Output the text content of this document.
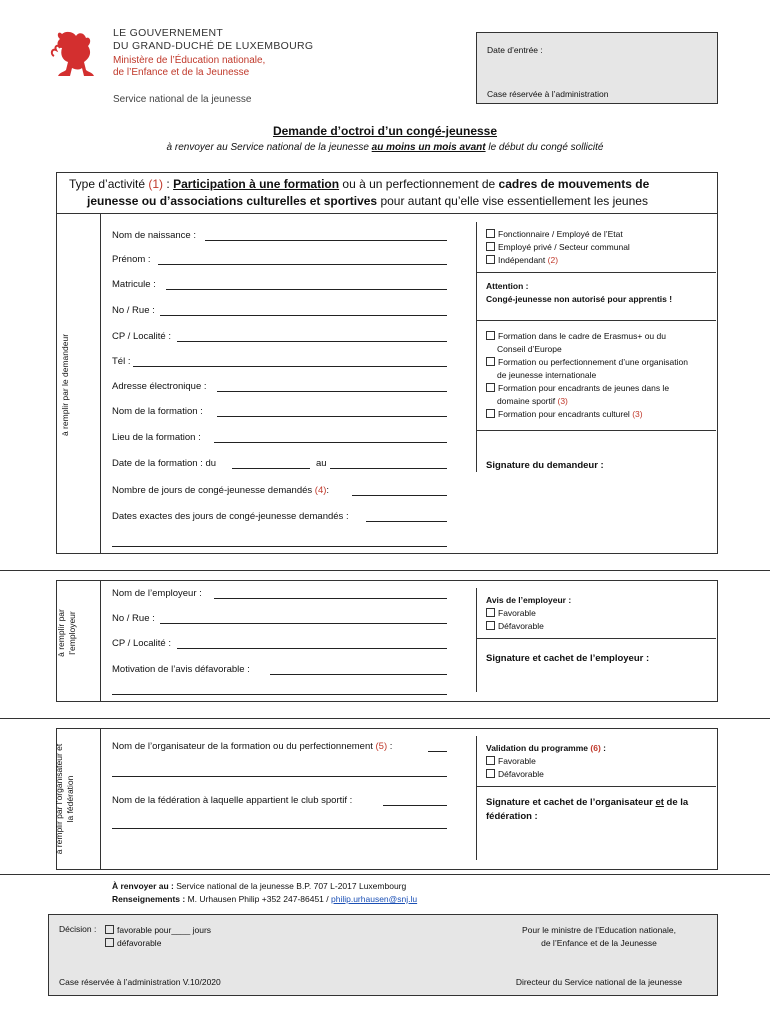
LE GOUVERNEMENT
DU GRAND-DUCHÉ DE LUXEMBOURG
Ministère de l’Éducation nationale,
de l’Enfance et de la Jeunesse
Service national de la jeunesse
Date d’entrée :
Case réservée à l’administration
Demande d’octroi d’un congé-jeunesse
à renvoyer au Service national de la jeunesse au moins un mois avant le début du congé sollicité
Type d’activité (1) : Participation à une formation ou à un perfectionnement de cadres de mouvements de
jeunesse ou d’associations culturelles et sportives pour autant qu’elle vise essentiellement les jeunes
à remplir par le demandeur
Nom de naissance :
Prénom :
Matricule :
No / Rue :
CP / Localité :
Tél :
Adresse électronique :
Nom de la formation :
Lieu de la formation :
Date de la formation : du	au
Nombre de jours de congé-jeunesse demandés (4):
Dates exactes des jours de congé-jeunesse demandés :
Fonctionnaire / Employé de l’Etat
Employé privé / Secteur communal
Indépendant (2)
Attention :
Congé-jeunesse non autorisé pour apprentis !
Formation dans le cadre de Erasmus+ ou du
Conseil d’Europe
Formation ou perfectionnement d’une organisation
de jeunesse internationale
Formation pour encadrants de jeunes dans le
domaine sportif (3)
Formation pour encadrants culturel (3)
Signature du demandeur :
à remplir par l’employeur
Nom de l’employeur :
No / Rue :
CP / Localité :
Motivation de l’avis défavorable :
Avis de l’employeur :
Favorable
Défavorable
Signature et cachet de l’employeur :
à remplir par l’organisateur et la fédération
Nom de l’organisateur de la formation ou du perfectionnement (5) :
Nom de la fédération à laquelle appartient le club sportif :
Validation du programme (6) :
Favorable
Défavorable
Signature et cachet de l’organisateur et de la
fédération :
À renvoyer au : Service national de la jeunesse B.P. 707 L-2017 Luxembourg
Renseignements : M. Urhausen Philip +352 247-86451 / philip.urhausen@snj.lu
Décision :	favorable pour____ jours
défavorable
Pour le ministre de l’Education nationale,
de l’Enfance et de la Jeunesse
Case réservée à l’administration V.10/2020	Directeur du Service national de la jeunesse
